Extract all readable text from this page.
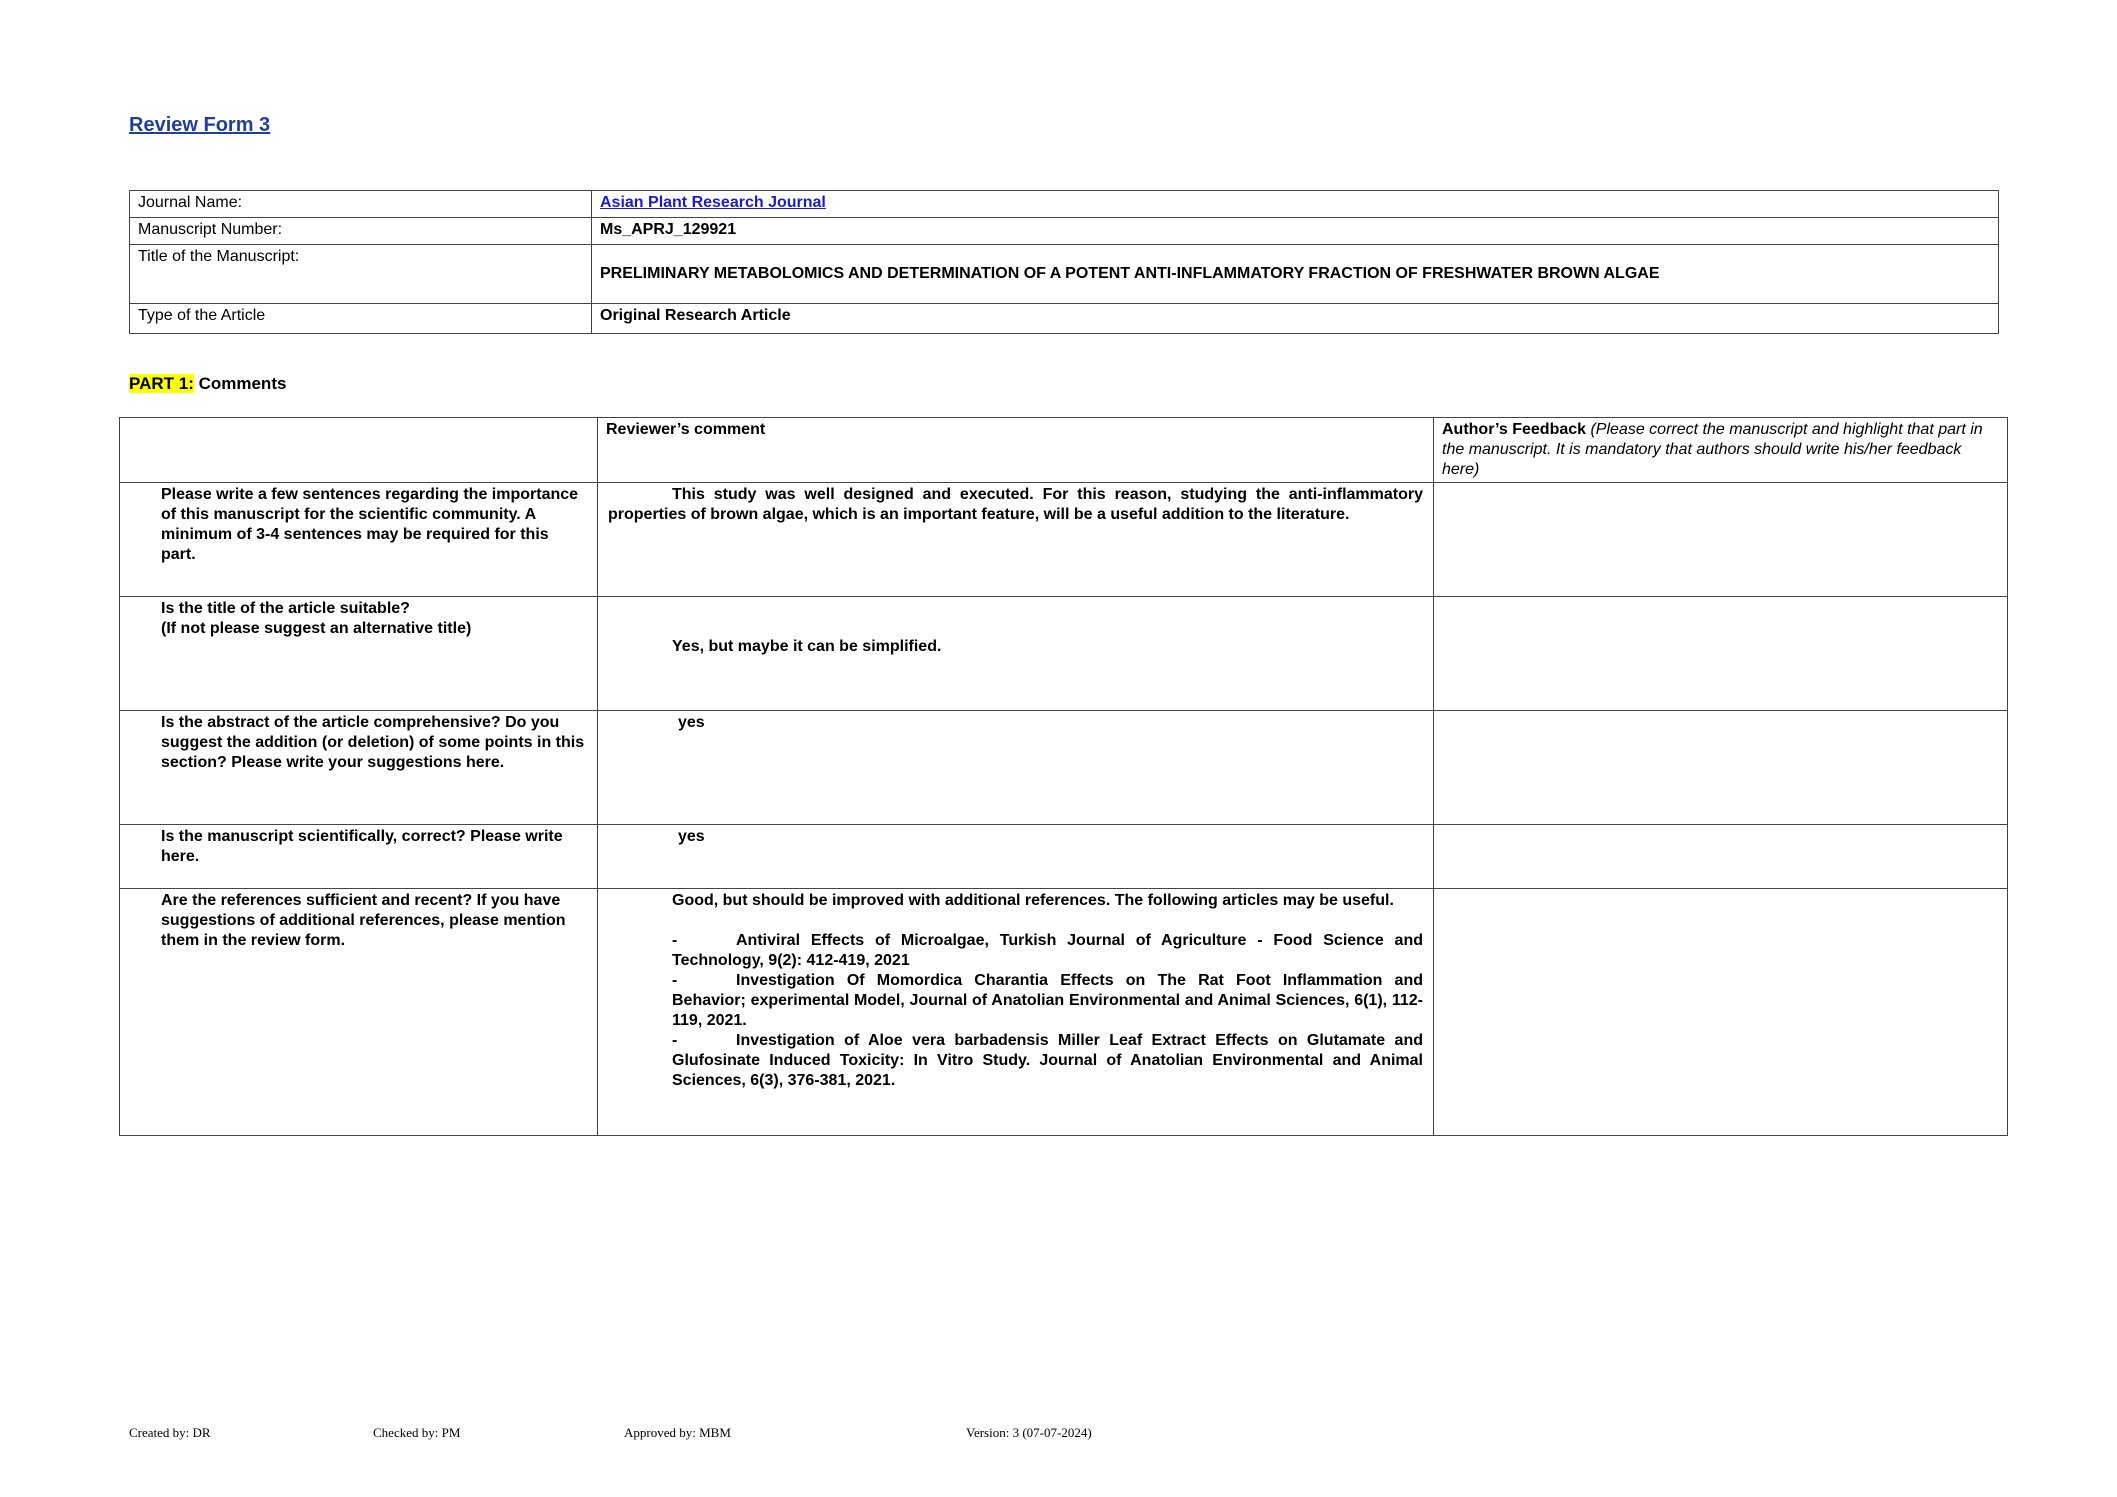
Review Form 3
Journal Name:	Asian Plant Research Journal
Manuscript Number:	Ms_APRJ_129921
Title of the Manuscript:	PRELIMINARY METABOLOMICS AND DETERMINATION OF A POTENT ANTI-INFLAMMATORY FRACTION OF FRESHWATER BROWN ALGAE
Type of the Article	Original Research Article
PART 1: Comments
	Reviewer’s comment	Author’s Feedback (Please correct the manuscript and highlight that part in the manuscript. It is mandatory that authors should write his/her feedback here)
Please write a few sentences regarding the importance of this manuscript for the scientific community. A minimum of 3-4 sentences may be required for this part.	This study was well designed and executed. For this reason, studying the anti-inflammatory properties of brown algae, which is an important feature, will be a useful addition to the literature.	
Is the title of the article suitable?
(If not please suggest an alternative title)	Yes, but maybe it can be simplified.	
Is the abstract of the article comprehensive? Do you suggest the addition (or deletion) of some points in this section? Please write your suggestions here.	yes	
Is the manuscript scientifically, correct? Please write here.	yes	
Are the references sufficient and recent? If you have suggestions of additional references, please mention them in the review form.	Good, but should be improved with additional references. The following articles may be useful.
- Antiviral Effects of Microalgae, Turkish Journal of Agriculture - Food Science and Technology, 9(2): 412-419, 2021
- Investigation Of Momordica Charantia Effects on The Rat Foot Inflammation and Behavior; experimental Model, Journal of Anatolian Environmental and Animal Sciences, 6(1), 112-119, 2021.
- Investigation of Aloe vera barbadensis Miller Leaf Extract Effects on Glutamate and Glufosinate Induced Toxicity: In Vitro Study. Journal of Anatolian Environmental and Animal Sciences, 6(3), 376-381, 2021.	

Created by: DR	Checked by: PM	Approved by: MBM	Version: 3 (07-07-2024)
